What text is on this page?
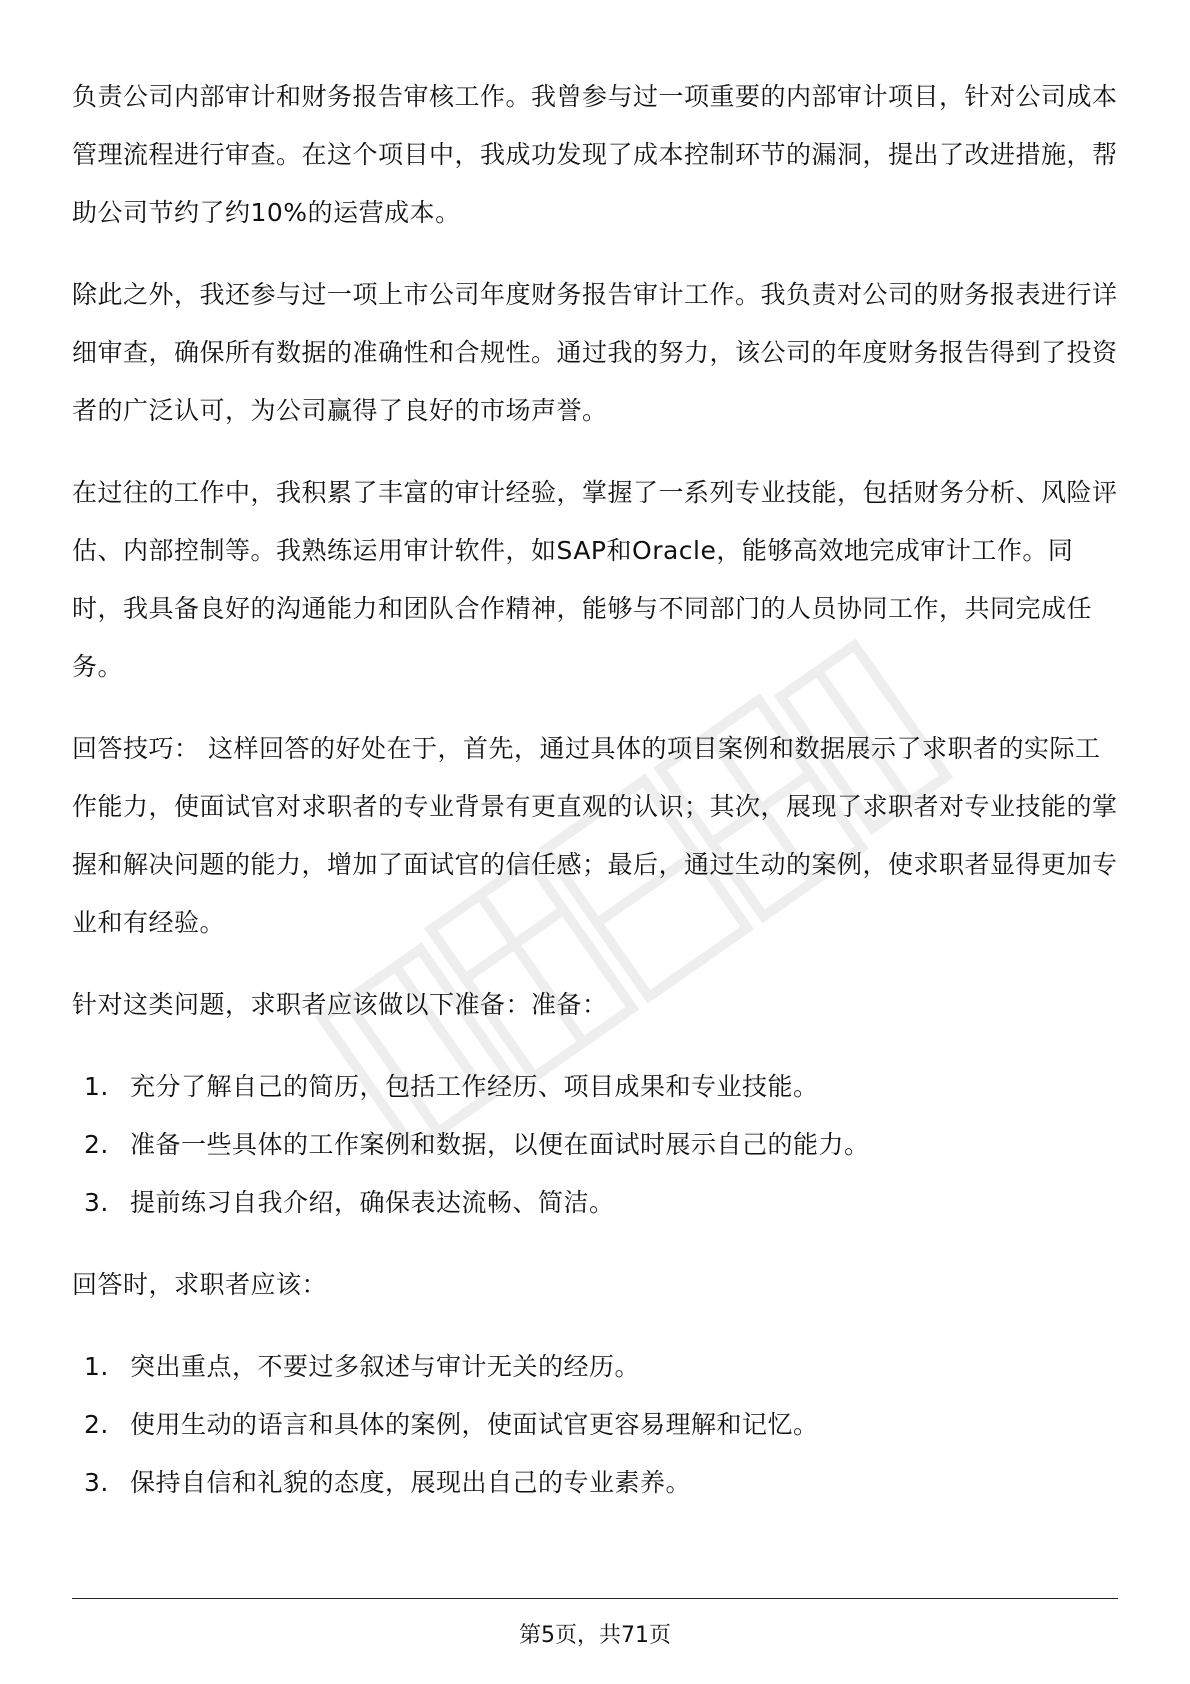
负责公司内部审计和财务报告审核工作。我曾参与过一项重要的内部审计项目，针对公司成本管理流程进行审查。在这个项目中，我成功发现了成本控制环节的漏洞，提出了改进措施，帮助公司节约了约10%的运营成本。

除此之外，我还参与过一项上市公司年度财务报告审计工作。我负责对公司的财务报表进行详细审查，确保所有数据的准确性和合规性。通过我的努力，该公司的年度财务报告得到了投资者的广泛认可，为公司赢得了良好的市场声誉。

在过往的工作中，我积累了丰富的审计经验，掌握了一系列专业技能，包括财务分析、风险评估、内部控制等。我熟练运用审计软件，如SAP和Oracle，能够高效地完成审计工作。同时，我具备良好的沟通能力和团队合作精神，能够与不同部门的人员协同工作，共同完成任务。

回答技巧： 这样回答的好处在于，首先，通过具体的项目案例和数据展示了求职者的实际工作能力，使面试官对求职者的专业背景有更直观的认识；其次，展现了求职者对专业技能的掌握和解决问题的能力，增加了面试官的信任感；最后，通过生动的案例，使求职者显得更加专业和有经验。

针对这类问题，求职者应该做以下准备：准备：

1. 充分了解自己的简历，包括工作经历、项目成果和专业技能。
2. 准备一些具体的工作案例和数据，以便在面试时展示自己的能力。
3. 提前练习自我介绍，确保表达流畅、简洁。

回答时，求职者应该：

1. 突出重点，不要过多叙述与审计无关的经历。
2. 使用生动的语言和具体的案例，使面试官更容易理解和记忆。
3. 保持自信和礼貌的态度，展现出自己的专业素养。
第5页，共71页
